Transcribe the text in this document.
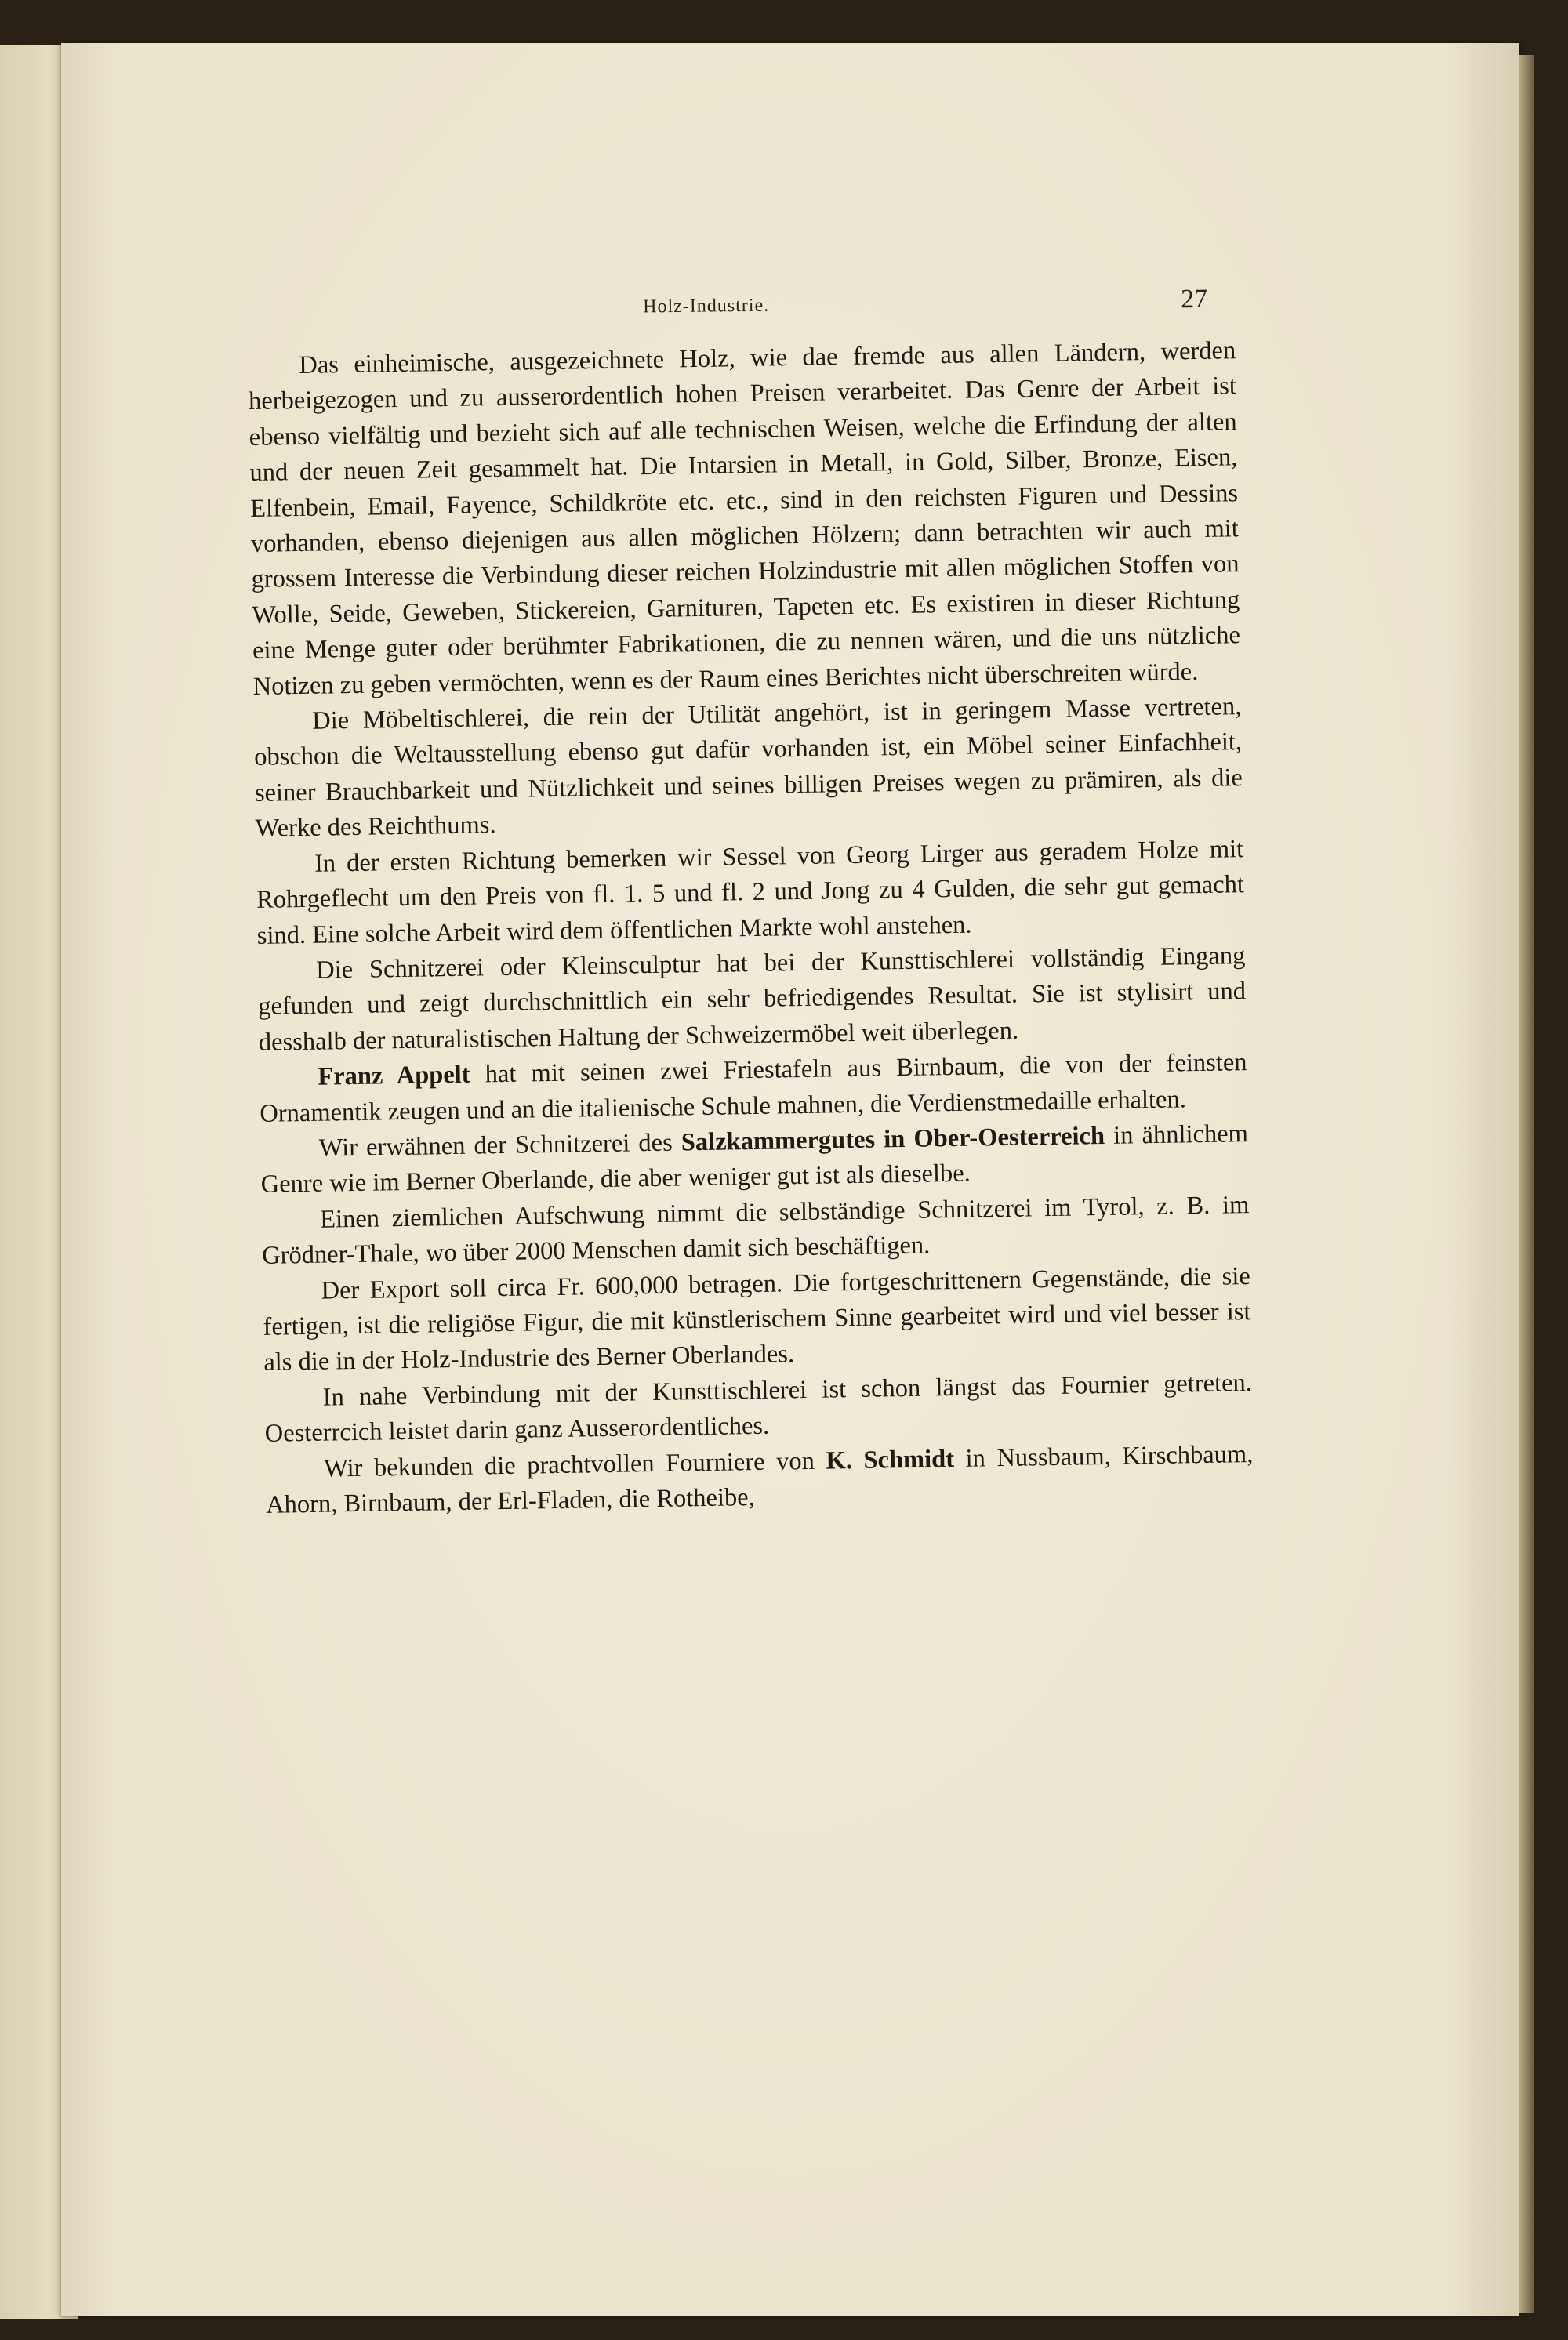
Holz-Industrie.	27

Das einheimische, ausgezeichnete Holz, wie dae fremde aus allen Ländern, werden herbeigezogen und zu ausserordentlich hohen Preisen verarbeitet. Das Genre der Arbeit ist ebenso vielfältig und bezieht sich auf alle technischen Weisen, welche die Erfindung der alten und der neuen Zeit gesammelt hat. Die Intarsien in Metall, in Gold, Silber, Bronze, Eisen, Elfenbein, Email, Fayence, Schildkröte etc. etc., sind in den reichsten Figuren und Dessins vorhanden, ebenso diejenigen aus allen möglichen Hölzern; dann betrachten wir auch mit grossem Interesse die Verbindung dieser reichen Holzindustrie mit allen möglichen Stoffen von Wolle, Seide, Geweben, Stickereien, Garnituren, Tapeten etc. Es existiren in dieser Richtung eine Menge guter oder berühmter Fabrikationen, die zu nennen wären, und die uns nützliche Notizen zu geben vermöchten, wenn es der Raum eines Berichtes nicht überschreiten würde.

Die Möbeltischlerei, die rein der Utilität angehört, ist in geringem Masse vertreten, obschon die Weltausstellung ebenso gut dafür vorhanden ist, ein Möbel seiner Einfachheit, seiner Brauchbarkeit und Nützlichkeit und seines billigen Preises wegen zu prämiren, als die Werke des Reichthums.

In der ersten Richtung bemerken wir Sessel von Georg Lirger aus geradem Holze mit Rohrgeflecht um den Preis von fl. 1. 5 und fl. 2 und Jong zu 4 Gulden, die sehr gut gemacht sind. Eine solche Arbeit wird dem öffentlichen Markte wohl anstehen.

Die Schnitzerei oder Kleinsculptur hat bei der Kunsttischlerei vollständig Eingang gefunden und zeigt durchschnittlich ein sehr befriedigendes Resultat. Sie ist stylisirt und desshalb der naturalistischen Haltung der Schweizermöbel weit überlegen.

Franz Appelt hat mit seinen zwei Friestafeln aus Birnbaum, die von der feinsten Ornamentik zeugen und an die italienische Schule mahnen, die Verdienstmedaille erhalten.

Wir erwähnen der Schnitzerei des Salzkammergutes in Ober-Oesterreich in ähnlichem Genre wie im Berner Oberlande, die aber weniger gut ist als dieselbe.

Einen ziemlichen Aufschwung nimmt die selbständige Schnitzerei im Tyrol, z. B. im Grödner-Thale, wo über 2000 Menschen damit sich beschäftigen.

Der Export soll circa Fr. 600,000 betragen. Die fortgeschrittenern Gegenstände, die sie fertigen, ist die religiöse Figur, die mit künstlerischem Sinne gearbeitet wird und viel besser ist als die in der Holz-Industrie des Berner Oberlandes.

In nahe Verbindung mit der Kunsttischlerei ist schon längst das Fournier getreten. Oesterrcich leistet darin ganz Ausserordentliches.

Wir bekunden die prachtvollen Fourniere von K. Schmidt in Nussbaum, Kirschbaum, Ahorn, Birnbaum, der Erl-Fladen, die Rotheibe,
